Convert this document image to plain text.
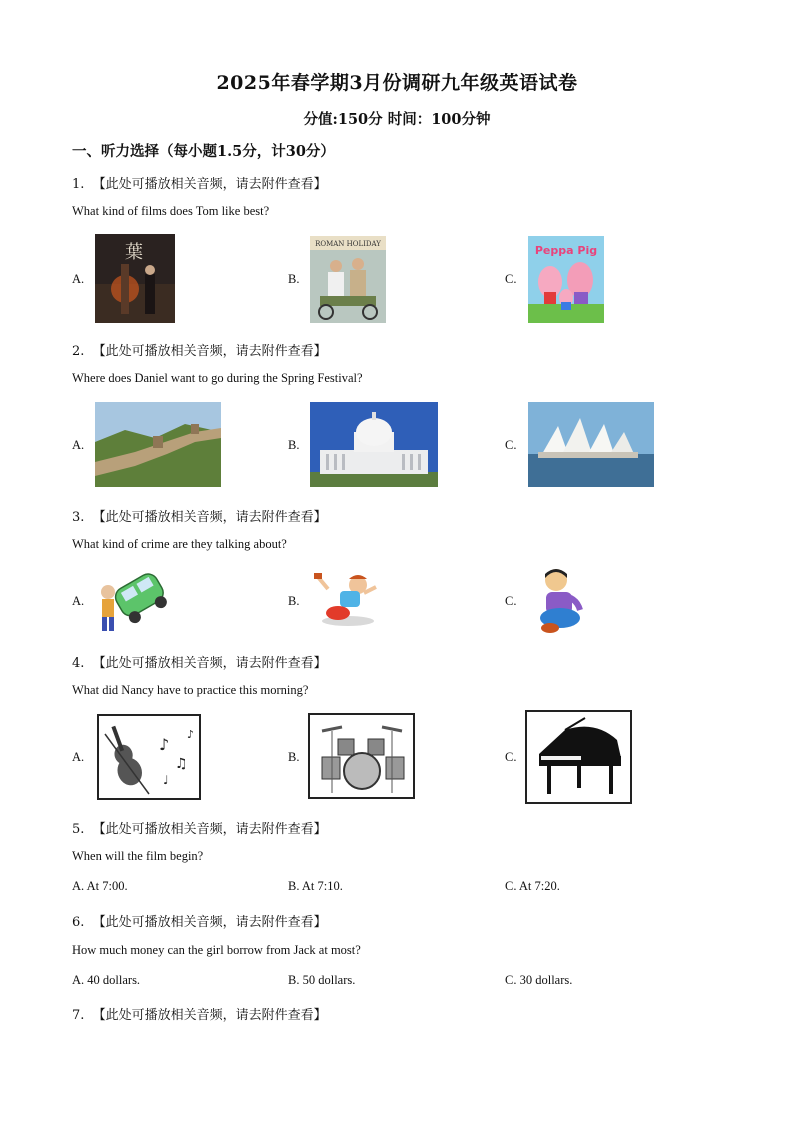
2025年春学期3月份调研九年级英语试卷
分值:150分 时间：100分钟
一、听力选择（每小题1.5分，计30分）
1. 【此处可播放相关音频，请去附件查看】
What kind of films does Tom like best?
A.
葉
B.
ROMAN HOLIDAY
C.
Peppa Pig
2. 【此处可播放相关音频，请去附件查看】
Where does Daniel want to go during the Spring Festival?
A.	B.	C.
3. 【此处可播放相关音频，请去附件查看】
What kind of crime are they talking about?
A.	B.	C.
4. 【此处可播放相关音频，请去附件查看】
What did Nancy have to practice this morning?
A.
♪
♫
♩
♪
B.	C.
5. 【此处可播放相关音频，请去附件查看】
When will the film begin?
A. At 7:00.	B. At 7:10.	C. At 7:20.
6. 【此处可播放相关音频，请去附件查看】
How much money can the girl borrow from Jack at most?
A. 40 dollars.	B. 50 dollars.	C. 30 dollars.
7. 【此处可播放相关音频，请去附件查看】
